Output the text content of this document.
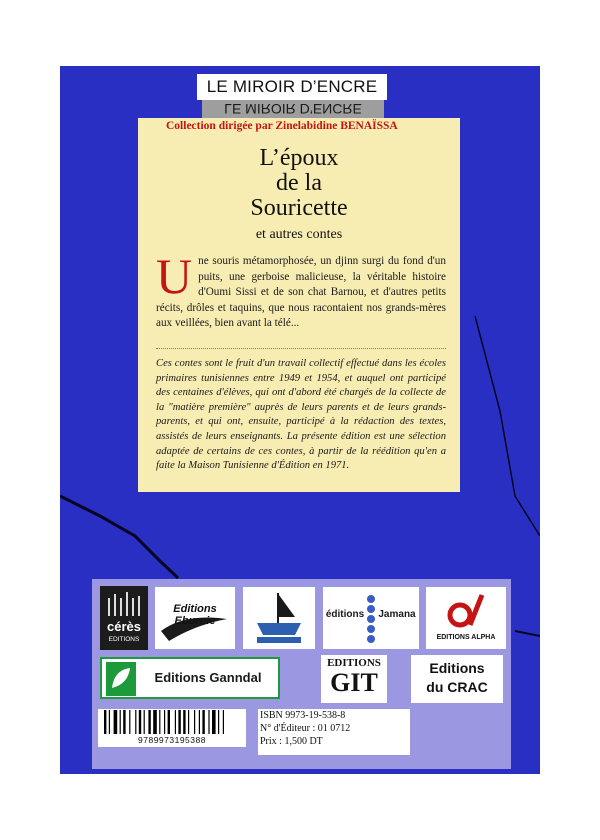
LE MIROIR D’ENCRE
LE MIROIR D’ENCRE
Collection dirigée par Zinelabidine BENAÏSSA
L’époux
de la
Souricette
et autres contes
Une souris métamorphosée, un djinn surgi du fond d'un puits, une gerboise malicieuse, la véritable histoire d'Oumi Sissi et de son chat Barnou, et d'autres petits récits, drôles et taquins, que nous racontaient nos grands-mères aux veillées, bien avant la télé...
Ces contes sont le fruit d'un travail collectif effectué dans les écoles primaires tunisiennes entre 1949 et 1954, et auquel ont participé des centaines d'élèves, qui ont d'abord été chargés de la collecte de la "matière première" auprès de leurs parents et de leurs grands-parents, et qui ont, ensuite, participé à la rédaction des textes, assistés de leurs enseignants. La présente édition est une sélection adaptée de certains de ces contes, à partir de la réédition qu'en a faite la Maison Tunisienne d'Édition en 1971.
cérès
EDITIONS
Editions Eburnie
éditions	Jamana
EDITIONS ALPHA
Editions Ganndal
EDITIONS
GIT	Editions
du CRAC
9789973195388
ISBN 9973-19-538-8
N° d'Éditeur : 01 0712
Prix : 1,500 DT
